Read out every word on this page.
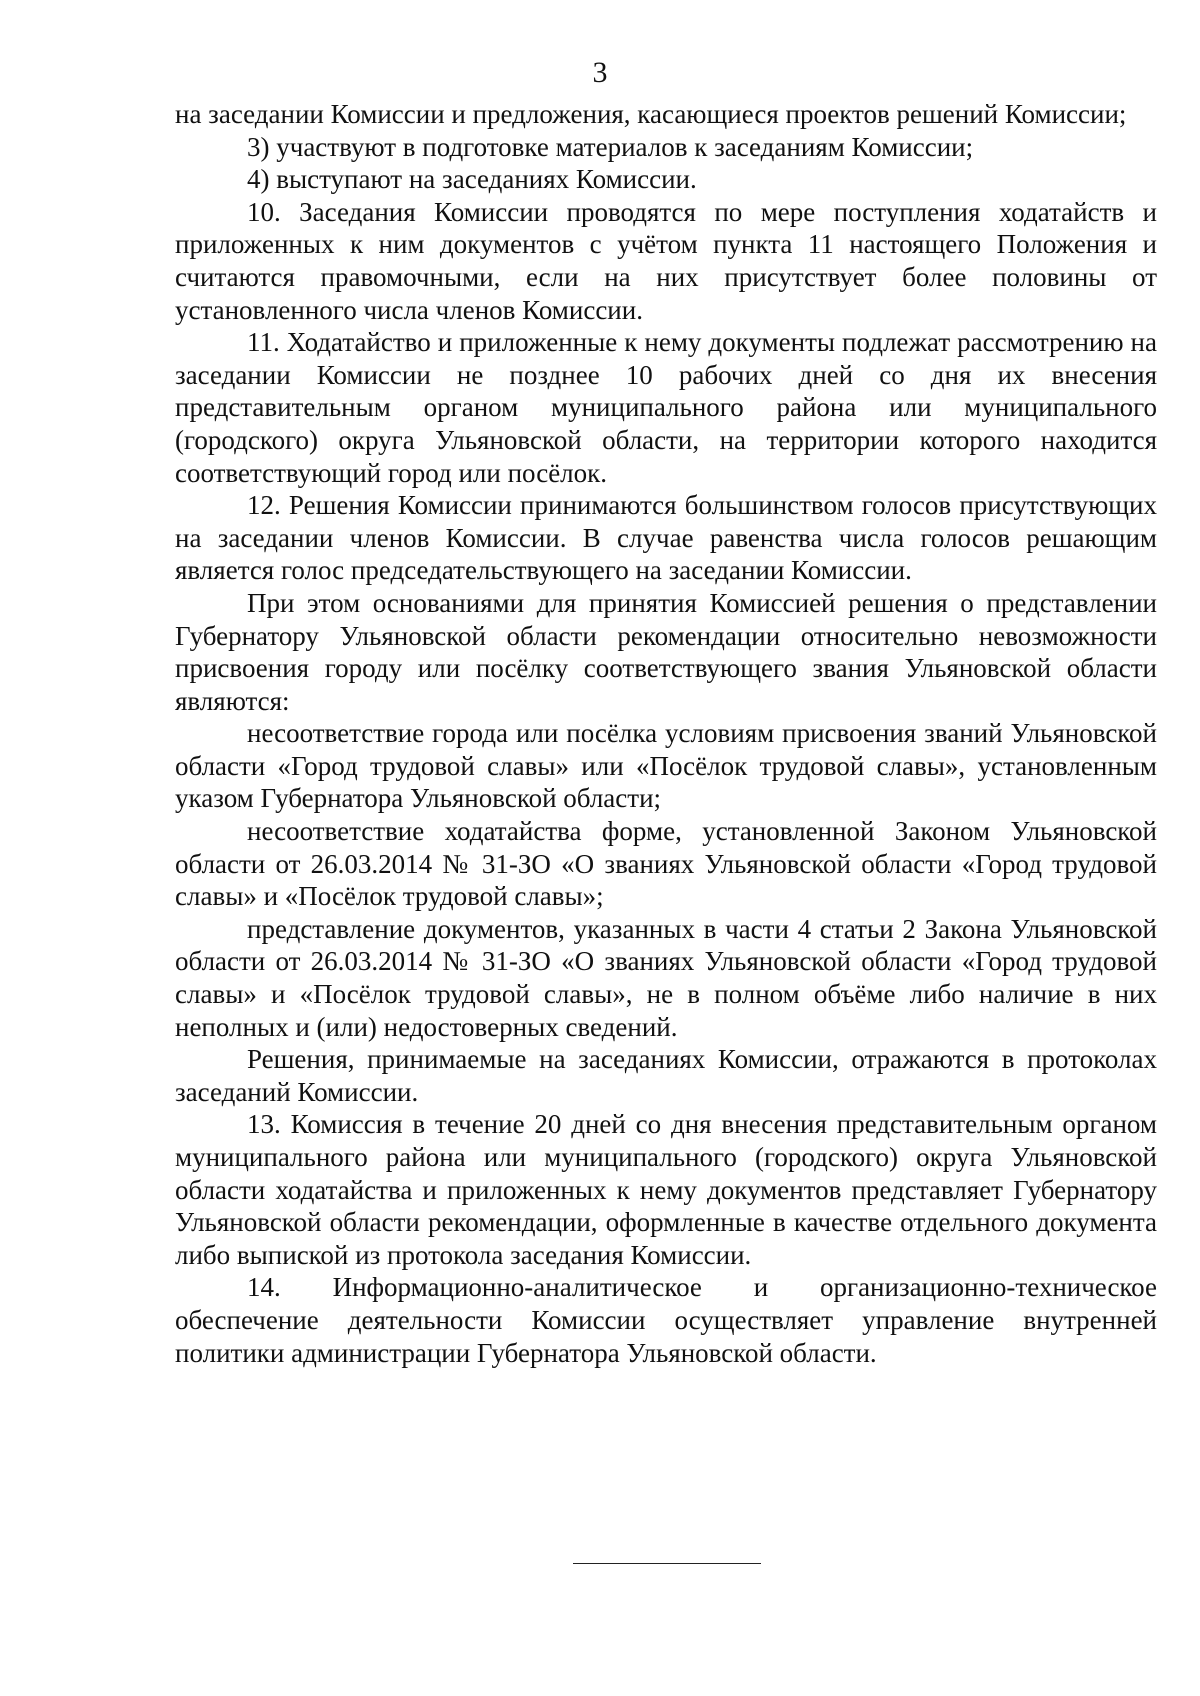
3

на заседании Комиссии и предложения, касающиеся проектов решений Комиссии;

3) участвуют в подготовке материалов к заседаниям Комиссии;

4) выступают на заседаниях Комиссии.

10. Заседания Комиссии проводятся по мере поступления ходатайств и приложенных к ним документов с учётом пункта 11 настоящего Положения и считаются правомочными, если на них присутствует более половины от установленного числа членов Комиссии.

11. Ходатайство и приложенные к нему документы подлежат рассмотрению на заседании Комиссии не позднее 10 рабочих дней со дня их внесения представительным органом муниципального района или муниципального (городского) округа Ульяновской области, на территории которого находится соответствующий город или посёлок.

12. Решения Комиссии принимаются большинством голосов присутствующих на заседании членов Комиссии. В случае равенства числа голосов решающим является голос председательствующего на заседании Комиссии.

При этом основаниями для принятия Комиссией решения о представлении Губернатору Ульяновской области рекомендации относительно невозможности присвоения городу или посёлку соответствующего звания Ульяновской области являются:

несоответствие города или посёлка условиям присвоения званий Ульяновской области «Город трудовой славы» или «Посёлок трудовой славы», установленным указом Губернатора Ульяновской области;

несоответствие ходатайства форме, установленной Законом Ульяновской области от 26.03.2014 № 31-ЗО «О званиях Ульяновской области «Город трудовой славы» и «Посёлок трудовой славы»;

представление документов, указанных в части 4 статьи 2 Закона Ульяновской области от 26.03.2014 № 31-ЗО «О званиях Ульяновской области «Город трудовой славы» и «Посёлок трудовой славы», не в полном объёме либо наличие в них неполных и (или) недостоверных сведений.

Решения, принимаемые на заседаниях Комиссии, отражаются в протоколах заседаний Комиссии.

13. Комиссия в течение 20 дней со дня внесения представительным органом муниципального района или муниципального (городского) округа Ульяновской области ходатайства и приложенных к нему документов представляет Губернатору Ульяновской области рекомендации, оформленные в качестве отдельного документа либо выпиской из протокола заседания Комиссии.

14. Информационно-аналитическое и организационно-техническое обеспечение деятельности Комиссии осуществляет управление внутренней политики администрации Губернатора Ульяновской области.
